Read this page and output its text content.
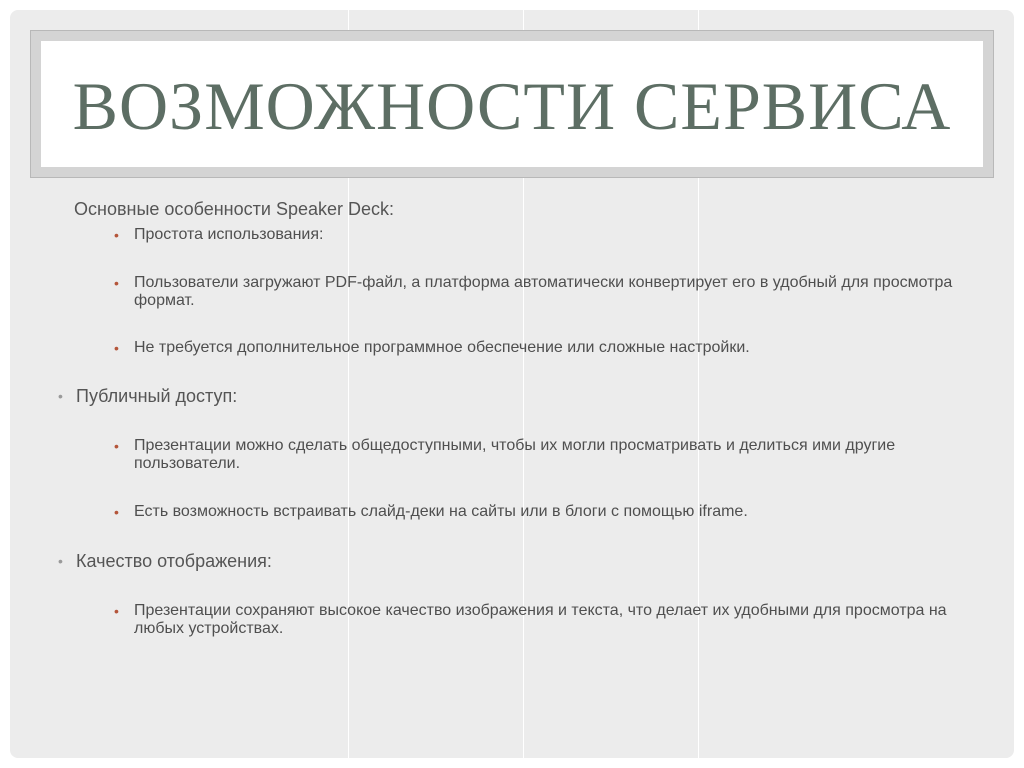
ВОЗМОЖНОСТИ СЕРВИСА
Основные особенности Speaker Deck:
• Простота использования:
• Пользователи загружают PDF-файл, а платформа автоматически конвертирует его в удобный для просмотра формат.
• Не требуется дополнительное программное обеспечение или сложные настройки.
• Публичный доступ:
• Презентации можно сделать общедоступными, чтобы их могли просматривать и делиться ими другие пользователи.
• Есть возможность встраивать слайд-деки на сайты или в блоги с помощью iframe.
• Качество отображения:
• Презентации сохраняют высокое качество изображения и текста, что делает их удобными для просмотра на любых устройствах.
